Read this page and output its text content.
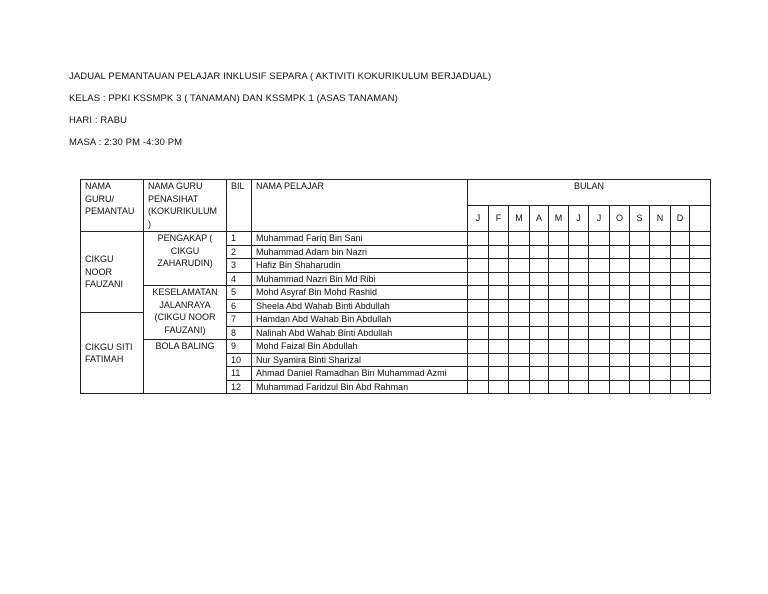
JADUAL PEMANTAUAN PELAJAR INKLUSIF SEPARA ( AKTIVITI KOKURIKULUM BERJADUAL)
KELAS : PPKI KSSMPK 3 ( TANAMAN) DAN KSSMPK 1 (ASAS TANAMAN)
HARI : RABU
MASA : 2:30 PM -4:30 PM
NAMA GURU/ PEMANTAU	NAMA GURU PENASIHAT (KOKURIKULUM )	BIL	NAMA PELAJAR	BULAN											
				J	F	M	A	M	J	J	O	S	N	D	
CIKGU NOOR FAUZANI	PENGAKAP ( CIKGU ZAHARUDIN)	1	Muhammad Fariq Bin Sani												
		2	Muhammad Adam bin Nazri												
		3	Hafiz Bin Shaharudin												
		4	Muhammad Nazri Bin Md Ribi												
	KESELAMATAN JALANRAYA (CIKGU NOOR FAUZANI)	5	Mohd Asyraf Bin Mohd Rashid												
		6	Sheela Abd Wahab Binti Abdullah												
CIKGU SITI FATIMAH		7	Hamdan Abd Wahab Bin Abdullah												
		8	Nalinah Abd Wahab Binti Abdullah												
	BOLA BALING	9	Mohd Faizal Bin Abdullah												
		10	Nur Syamira Binti Sharizal												
		11	Ahmad Daniel Ramadhan Bin Muhammad Azmi												
		12	Muhammad Faridzul Bin Abd Rahman												
